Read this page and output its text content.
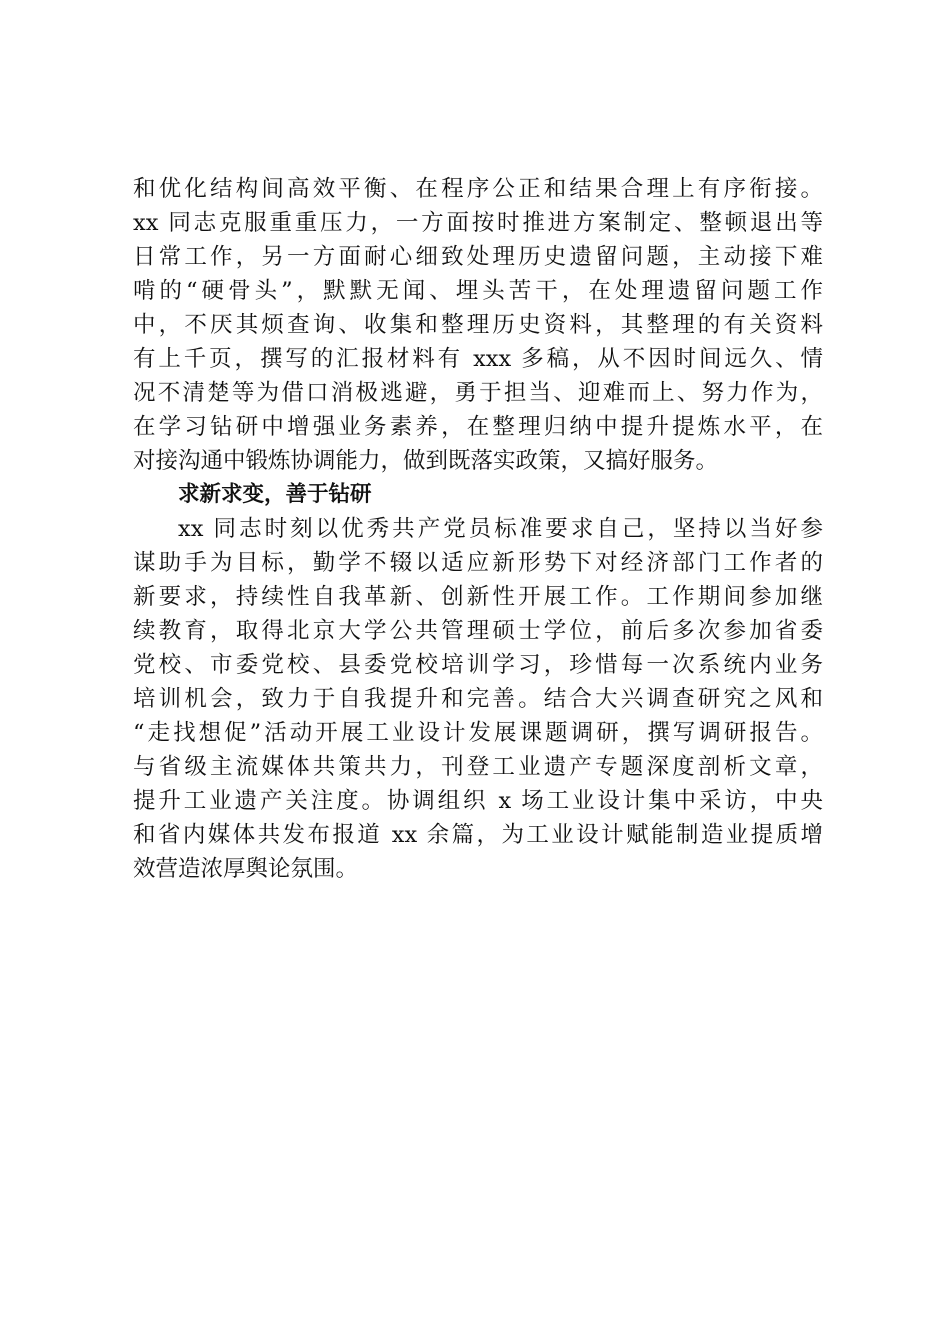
和优化结构间高效平衡、在程序公正和结果合理上有序衔接。
xx 同志克服重重压力，一方面按时推进方案制定、整顿退出等
日常工作，另一方面耐心细致处理历史遗留问题，主动接下难
啃的“硬骨头”，默默无闻、埋头苦干，在处理遗留问题工作
中，不厌其烦查询、收集和整理历史资料，其整理的有关资料
有上千页，撰写的汇报材料有 xxx 多稿，从不因时间远久、情
况不清楚等为借口消极逃避，勇于担当、迎难而上、努力作为，
在学习钻研中增强业务素养，在整理归纳中提升提炼水平，在
对接沟通中锻炼协调能力，做到既落实政策，又搞好服务。
求新求变，善于钻研
xx 同志时刻以优秀共产党员标准要求自己，坚持以当好参
谋助手为目标，勤学不辍以适应新形势下对经济部门工作者的
新要求，持续性自我革新、创新性开展工作。工作期间参加继
续教育，取得北京大学公共管理硕士学位，前后多次参加省委
党校、市委党校、县委党校培训学习，珍惜每一次系统内业务
培训机会，致力于自我提升和完善。结合大兴调查研究之风和
“走找想促”活动开展工业设计发展课题调研，撰写调研报告。
与省级主流媒体共策共力，刊登工业遗产专题深度剖析文章，
提升工业遗产关注度。协调组织 x 场工业设计集中采访，中央
和省内媒体共发布报道 xx 余篇，为工业设计赋能制造业提质增
效营造浓厚舆论氛围。
